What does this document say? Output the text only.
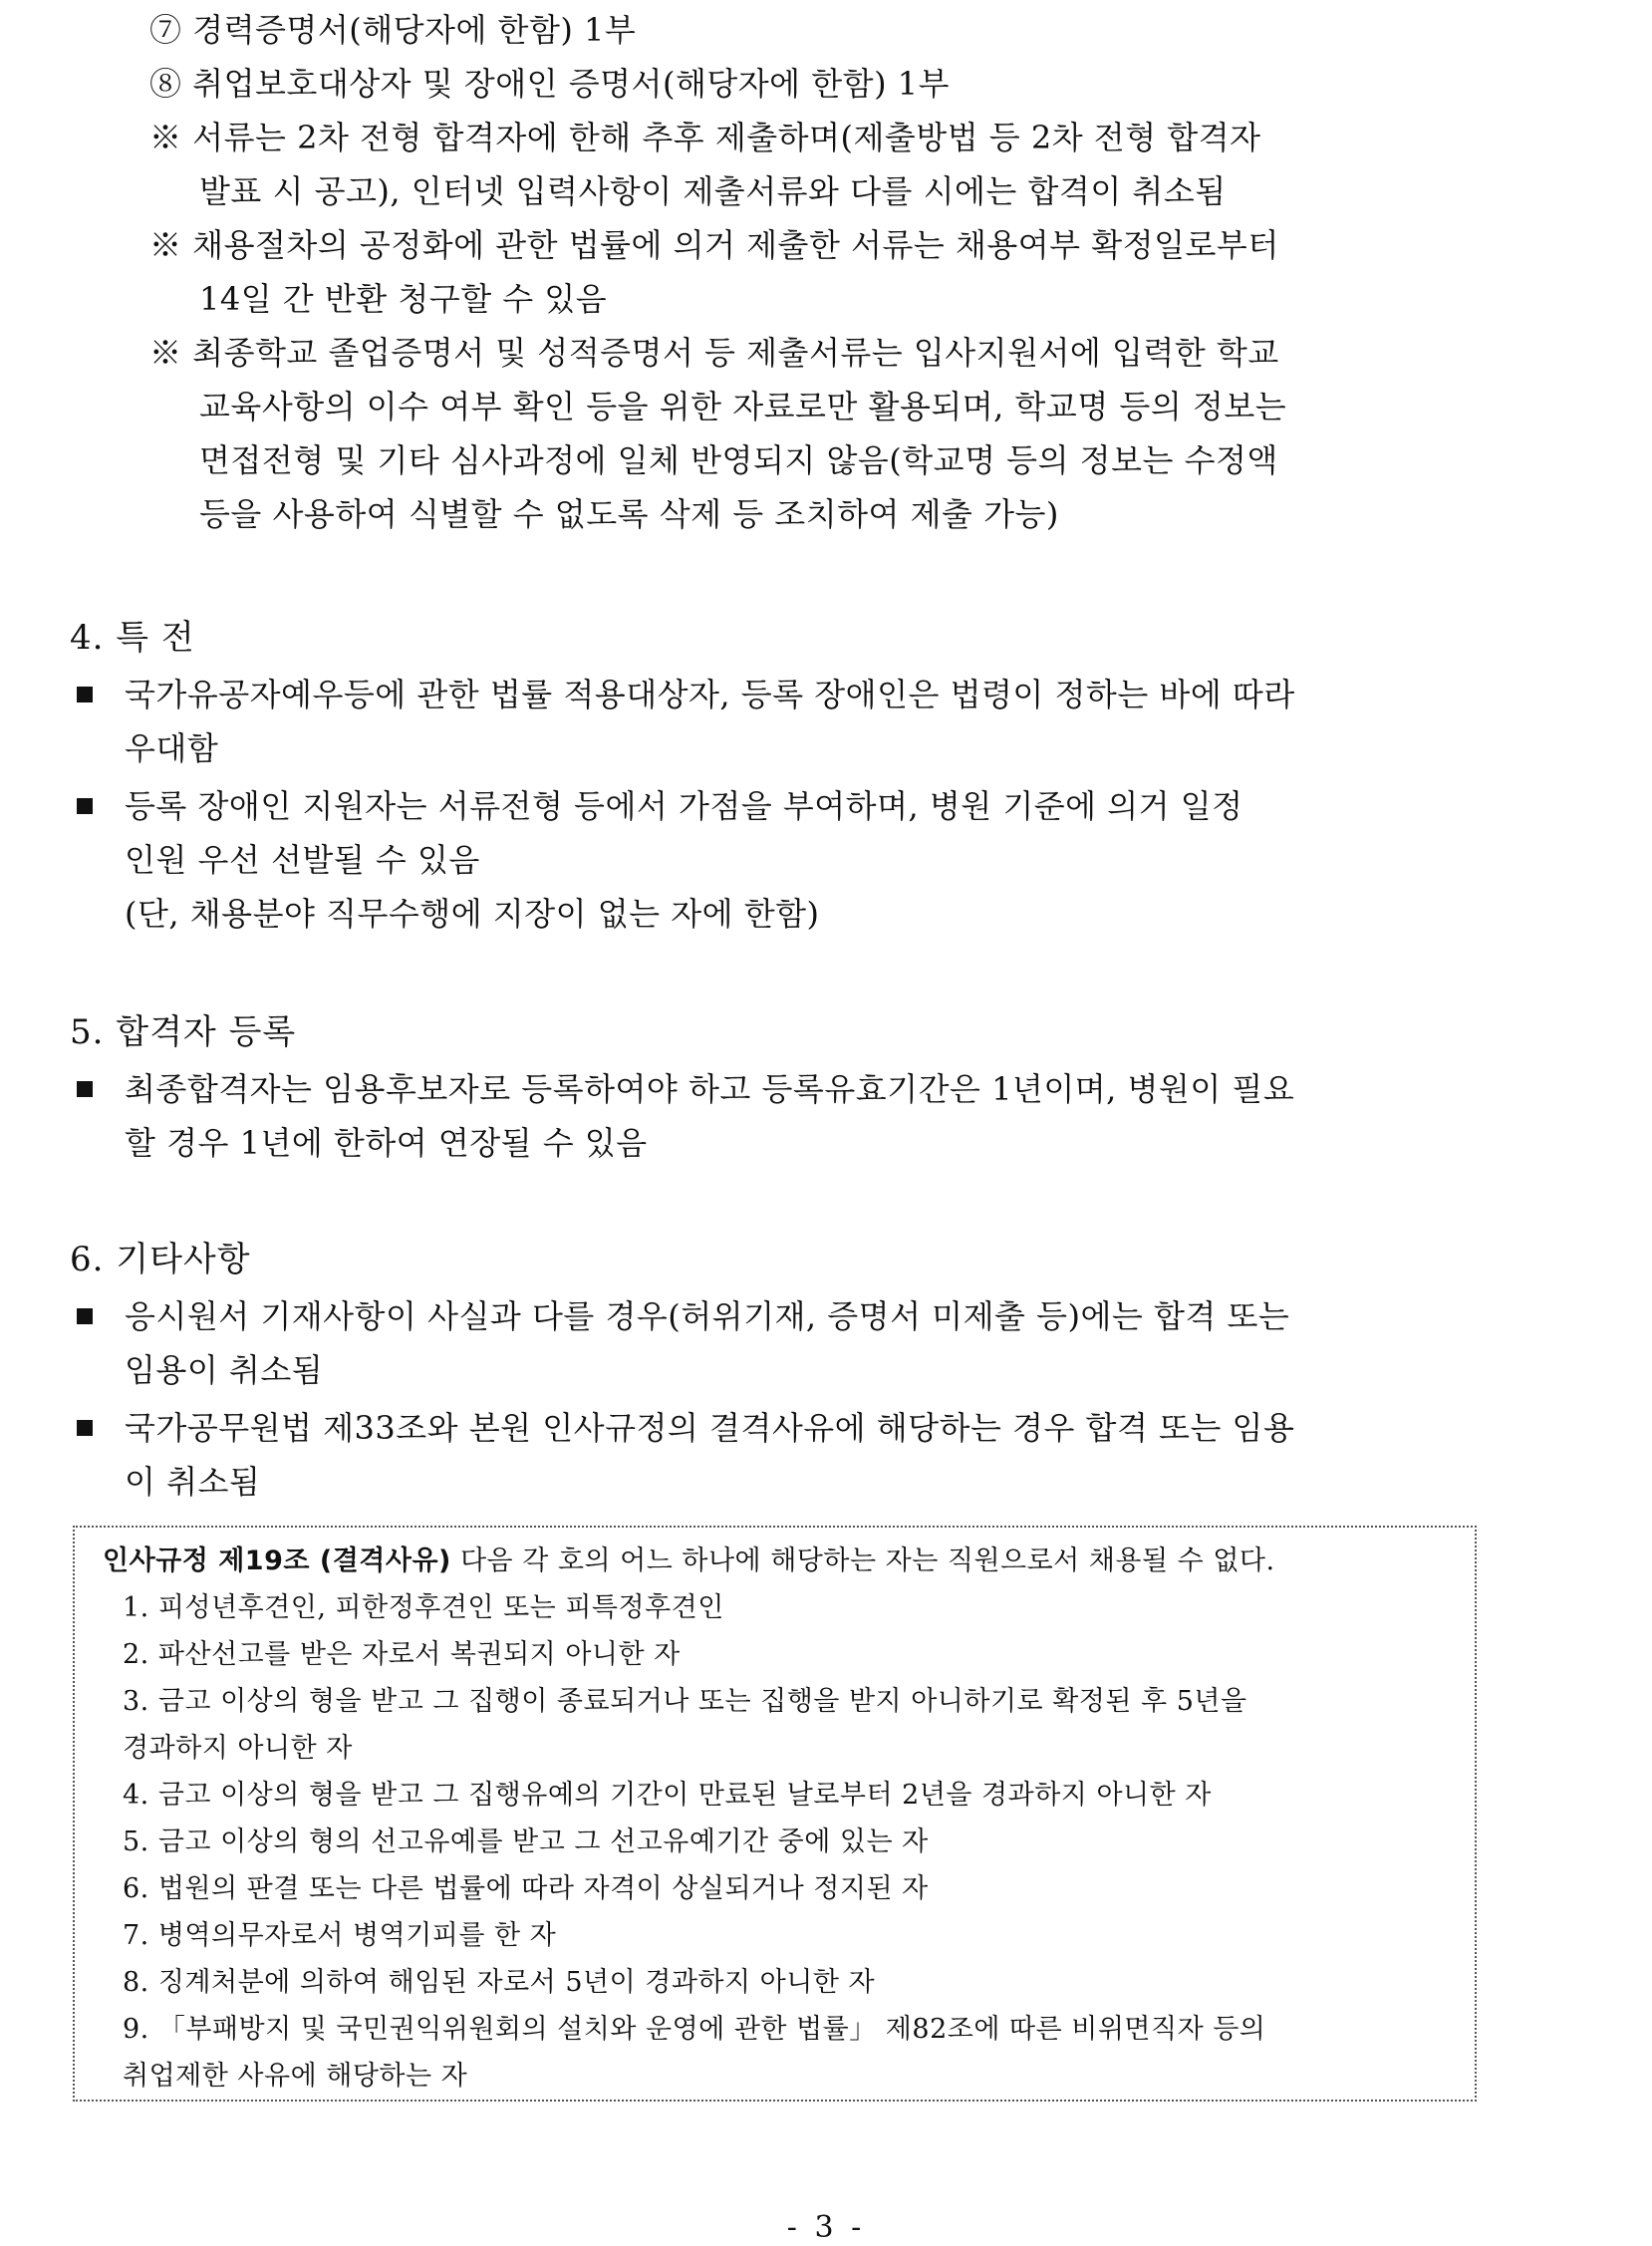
⑦ 경력증명서(해당자에 한함) 1부
⑧ 취업보호대상자 및 장애인 증명서(해당자에 한함) 1부
※ 서류는 2차 전형 합격자에 한해 추후 제출하며(제출방법 등 2차 전형 합격자
발표 시 공고), 인터넷 입력사항이 제출서류와 다를 시에는 합격이 취소됨
※ 채용절차의 공정화에 관한 법률에 의거 제출한 서류는 채용여부 확정일로부터
14일 간 반환 청구할 수 있음
※ 최종학교 졸업증명서 및 성적증명서 등 제출서류는 입사지원서에 입력한 학교
교육사항의 이수 여부 확인 등을 위한 자료로만 활용되며, 학교명 등의 정보는
면접전형 및 기타 심사과정에 일체 반영되지 않음(학교명 등의 정보는 수정액
등을 사용하여 식별할 수 없도록 삭제 등 조치하여 제출 가능)
4. 특 전
국가유공자예우등에 관한 법률 적용대상자, 등록 장애인은 법령이 정하는 바에 따라
우대함
등록 장애인 지원자는 서류전형 등에서 가점을 부여하며, 병원 기준에 의거 일정
인원 우선 선발될 수 있음
(단, 채용분야 직무수행에 지장이 없는 자에 한함)
5. 합격자 등록
최종합격자는 임용후보자로 등록하여야 하고 등록유효기간은 1년이며, 병원이 필요
할 경우 1년에 한하여 연장될 수 있음
6. 기타사항
응시원서 기재사항이 사실과 다를 경우(허위기재, 증명서 미제출 등)에는 합격 또는
임용이 취소됨
국가공무원법 제33조와 본원 인사규정의 결격사유에 해당하는 경우 합격 또는 임용
이 취소됨
인사규정 제19조 (결격사유) 다음 각 호의 어느 하나에 해당하는 자는 직원으로서 채용될 수 없다.
1. 피성년후견인, 피한정후견인 또는 피특정후견인
2. 파산선고를 받은 자로서 복권되지 아니한 자
3. 금고 이상의 형을 받고 그 집행이 종료되거나 또는 집행을 받지 아니하기로 확정된 후 5년을
경과하지 아니한 자
4. 금고 이상의 형을 받고 그 집행유예의 기간이 만료된 날로부터 2년을 경과하지 아니한 자
5. 금고 이상의 형의 선고유예를 받고 그 선고유예기간 중에 있는 자
6. 법원의 판결 또는 다른 법률에 따라 자격이 상실되거나 정지된 자
7. 병역의무자로서 병역기피를 한 자
8. 징계처분에 의하여 해임된 자로서 5년이 경과하지 아니한 자
9. 「부패방지 및 국민권익위원회의 설치와 운영에 관한 법률」 제82조에 따른 비위면직자 등의
취업제한 사유에 해당하는 자
- 3 -
